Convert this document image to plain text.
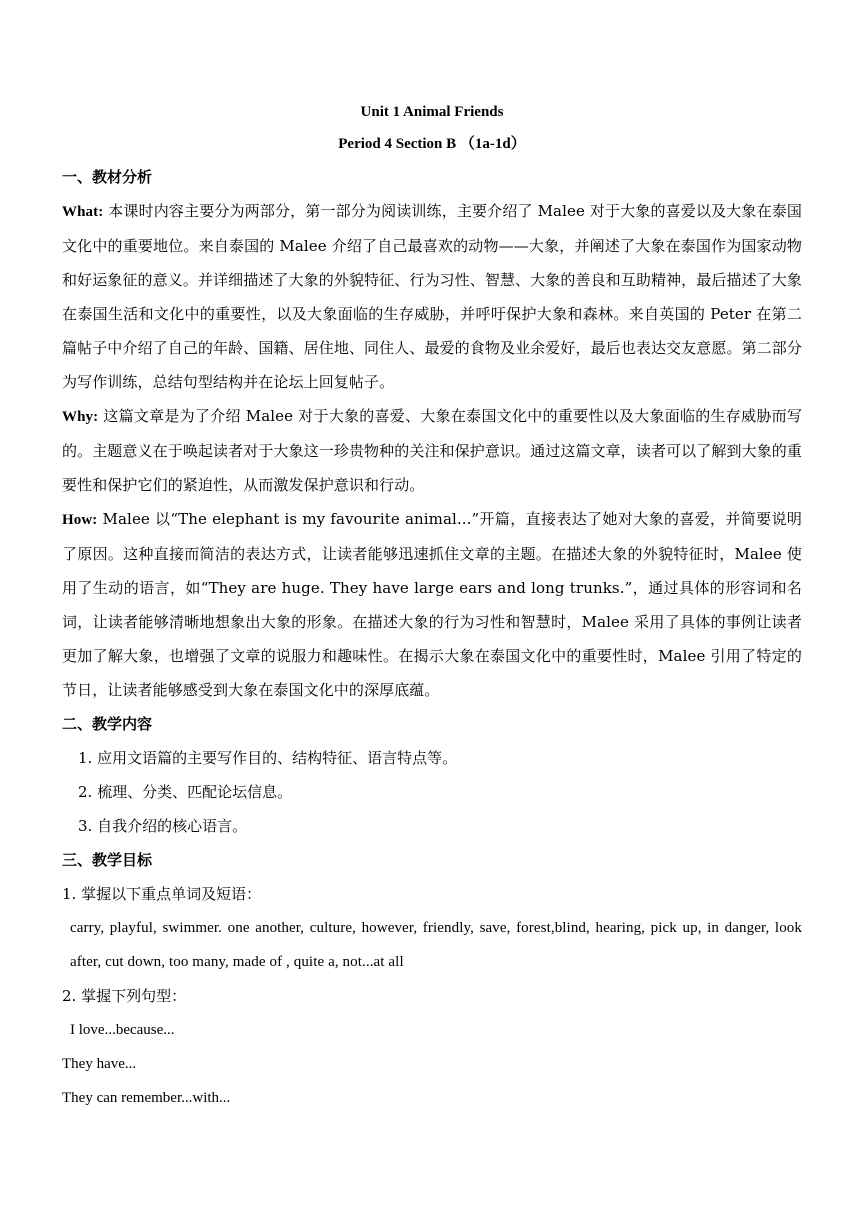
Unit 1 Animal Friends
Period 4 Section B （1a-1d）
一、教材分析

What: 本课时内容主要分为两部分，第一部分为阅读训练，主要介绍了 Malee 对于大象的喜爱以及大象在泰国文化中的重要地位。来自泰国的 Malee 介绍了自己最喜欢的动物——大象，并阐述了大象在泰国作为国家动物和好运象征的意义。并详细描述了大象的外貌特征、行为习性、智慧、大象的善良和互助精神，最后描述了大象在泰国生活和文化中的重要性，以及大象面临的生存威胁，并呼吁保护大象和森林。来自英国的 Peter 在第二篇帖子中介绍了自己的年龄、国籍、居住地、同住人、最爱的食物及业余爱好，最后也表达交友意愿。第二部分为写作训练，总结句型结构并在论坛上回复帖子。

Why: 这篇文章是为了介绍 Malee 对于大象的喜爱、大象在泰国文化中的重要性以及大象面临的生存威胁而写的。主题意义在于唤起读者对于大象这一珍贵物种的关注和保护意识。通过这篇文章，读者可以了解到大象的重要性和保护它们的紧迫性，从而激发保护意识和行动。

How: Malee 以“The elephant is my favourite animal...”开篇，直接表达了她对大象的喜爱，并简要说明了原因。这种直接而简洁的表达方式，让读者能够迅速抓住文章的主题。在描述大象的外貌特征时，Malee 使用了生动的语言，如“They are huge. They have large ears and long trunks.”，通过具体的形容词和名词，让读者能够清晰地想象出大象的形象。在描述大象的行为习性和智慧时，Malee 采用了具体的事例让读者更加了解大象，也增强了文章的说服力和趣味性。在揭示大象在泰国文化中的重要性时，Malee 引用了特定的节日，让读者能够感受到大象在泰国文化中的深厚底蕴。

二、教学内容
1. 应用文语篇的主要写作目的、结构特征、语言特点等。
2. 梳理、分类、匹配论坛信息。
3. 自我介绍的核心语言。
三、教学目标
1. 掌握以下重点单词及短语：

carry, playful, swimmer. one another, culture, however, friendly, save, forest,blind, hearing, pick up, in danger, look after, cut down, too many, made of , quite a, not...at all

2. 掌握下列句型：
I love...because...
They have...
They can remember...with...
